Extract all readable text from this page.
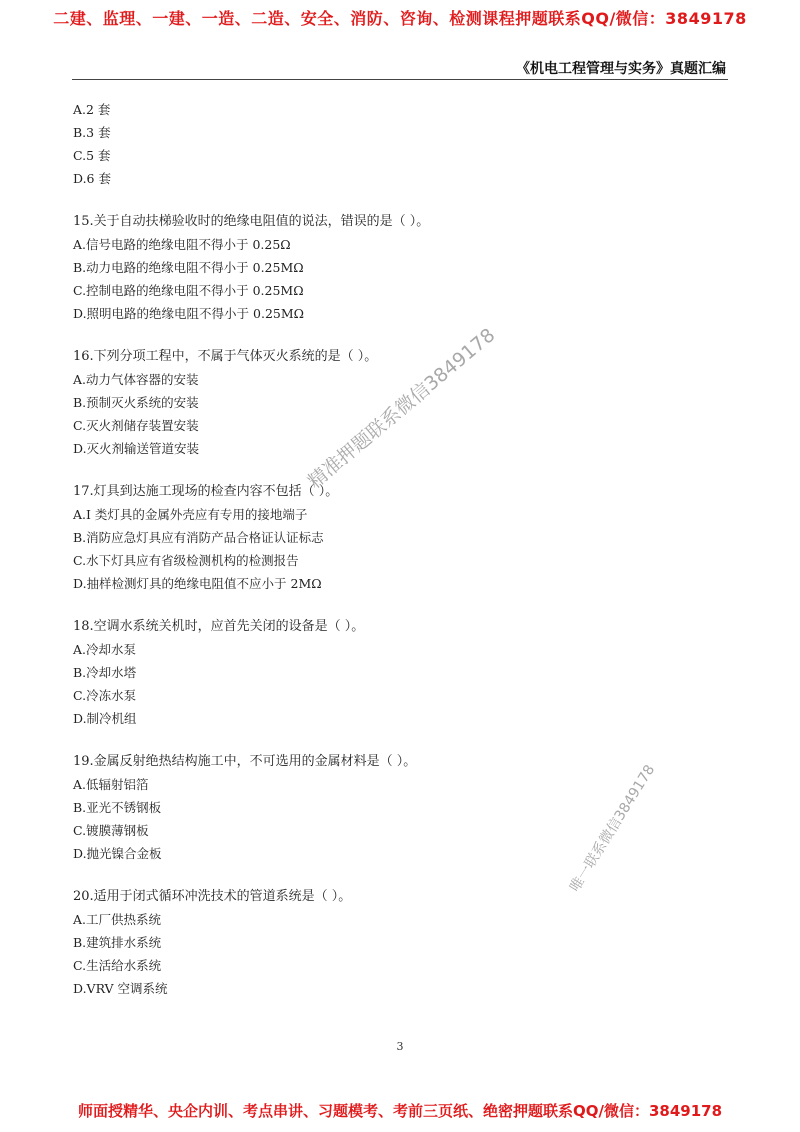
二建、监理、一建、一造、二造、安全、消防、咨询、检测课程押题联系QQ/微信：3849178
《机电工程管理与实务》真题汇编
A.2 套
B.3 套
C.5 套
D.6 套
15.关于自动扶梯验收时的绝缘电阻值的说法，错误的是（ ）。
A.信号电路的绝缘电阻不得小于 0.25Ω
B.动力电路的绝缘电阻不得小于 0.25MΩ
C.控制电路的绝缘电阻不得小于 0.25MΩ
D.照明电路的绝缘电阻不得小于 0.25MΩ
16.下列分项工程中，不属于气体灭火系统的是（ ）。
A.动力气体容器的安装
B.预制灭火系统的安装
C.灭火剂储存装置安装
D.灭火剂输送管道安装
17.灯具到达施工现场的检查内容不包括（ ）。
A.I 类灯具的金属外壳应有专用的接地端子
B.消防应急灯具应有消防产品合格证认证标志
C.水下灯具应有省级检测机构的检测报告
D.抽样检测灯具的绝缘电阻值不应小于 2MΩ
18.空调水系统关机时，应首先关闭的设备是（ ）。
A.冷却水泵
B.冷却水塔
C.冷冻水泵
D.制冷机组
19.金属反射绝热结构施工中，不可选用的金属材料是（ ）。
A.低辐射铝箔
B.亚光不锈钢板
C.镀膜薄钢板
D.抛光镍合金板
20.适用于闭式循环冲洗技术的管道系统是（ ）。
A.工厂供热系统
B.建筑排水系统
C.生活给水系统
D.VRV 空调系统
精准押题联系微信3849178
唯一联系微信3849178
3
师面授精华、央企内训、考点串讲、习题模考、考前三页纸、绝密押题联系QQ/微信：3849178
